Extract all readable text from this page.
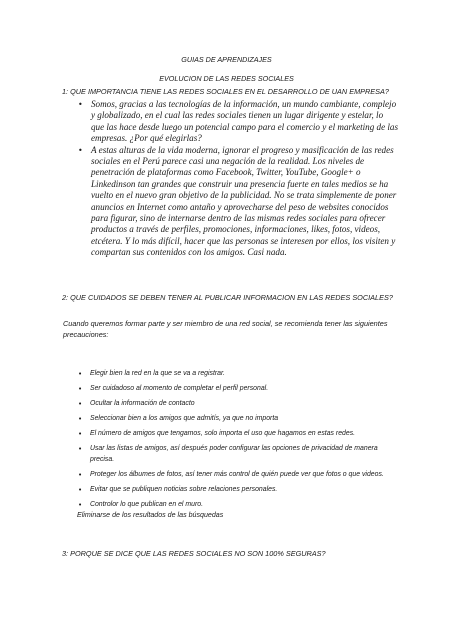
GUIAS DE APRENDIZAJES
EVOLUCION DE LAS REDES SOCIALES
1: QUE IMPORTANCIA TIENE LAS REDES SOCIALES EN EL DESARROLLO DE UAN EMPRESA?
• Somos, gracias a las tecnologías de la información, un mundo cambiante, complejo y globalizado, en el cual las redes sociales tienen un lugar dirigente y estelar, lo que las hace desde luego un potencial campo para el comercio y el marketing de las empresas. ¿Por qué elegirlas?
• A estas alturas de la vida moderna, ignorar el progreso y masificación de las redes sociales en el Perú parece casi una negación de la realidad. Los niveles de penetración de plataformas como Facebook, Twitter, YouTube, Google+ o Linkedinson tan grandes que construir una presencia fuerte en tales medios se ha vuelto en el nuevo gran objetivo de la publicidad. No se trata simplemente de poner anuncios en Internet como antaño y aprovecharse del peso de websites conocidos para figurar, sino de internarse dentro de las mismas redes sociales para ofrecer productos a través de perfiles, promociones, informaciones, likes, fotos, videos, etcétera. Y lo más difícil, hacer que las personas se interesen por ellos, los visiten y compartan sus contenidos con los amigos. Casi nada.
2: QUE CUIDADOS SE DEBEN TENER AL PUBLICAR INFORMACION EN LAS REDES SOCIALES?
Cuando queremos formar parte y ser miembro de una red social, se recomienda tener las siguientes precauciones:
• Elegir bien la red en la que se va a registrar.
• Ser cuidadoso al momento de completar el perfil personal.
• Ocultar la información de contacto
• Seleccionar bien a los amigos que admitís, ya que no importa
• El número de amigos que tengamos, solo importa el uso que hagamos en estas redes.
• Usar las listas de amigos, así después poder configurar las opciones de privacidad de manera precisa.
• Proteger los álbumes de fotos, así tener más control de quién puede ver que fotos o que videos.
• Evitar que se publiquen noticias sobre relaciones personales.
• Controlor lo que publican en el muro.
Eliminarse de los resultados de las búsquedas
3: PORQUE SE DICE QUE LAS REDES SOCIALES NO SON 100% SEGURAS?
